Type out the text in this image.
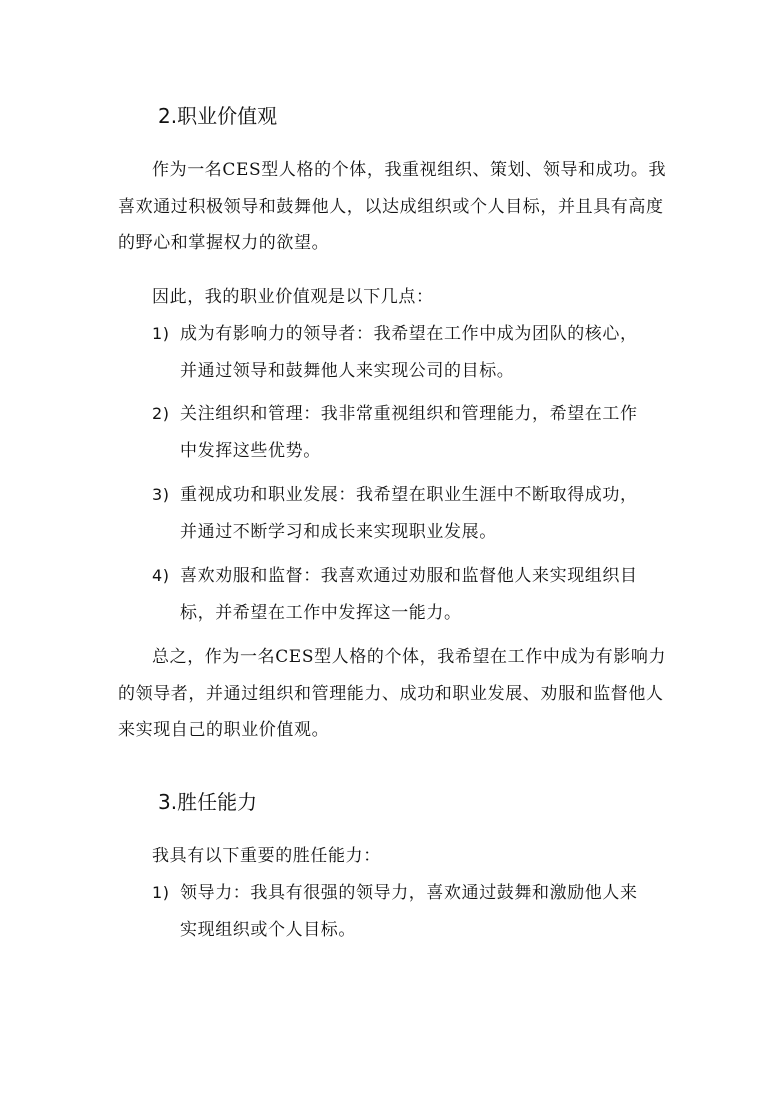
2.职业价值观

作为一名CES型人格的个体，我重视组织、策划、领导和成功。我喜欢通过积极领导和鼓舞他人，以达成组织或个人目标，并且具有高度的野心和掌握权力的欲望。

因此，我的职业价值观是以下几点：

1) 成为有影响力的领导者：我希望在工作中成为团队的核心，
并通过领导和鼓舞他人来实现公司的目标。
2) 关注组织和管理：我非常重视组织和管理能力，希望在工作
中发挥这些优势。
3) 重视成功和职业发展：我希望在职业生涯中不断取得成功，
并通过不断学习和成长来实现职业发展。
4) 喜欢劝服和监督：我喜欢通过劝服和监督他人来实现组织目
标，并希望在工作中发挥这一能力。

总之，作为一名CES型人格的个体，我希望在工作中成为有影响力的领导者，并通过组织和管理能力、成功和职业发展、劝服和监督他人来实现自己的职业价值观。

3.胜任能力

我具有以下重要的胜任能力：

1) 领导力：我具有很强的领导力，喜欢通过鼓舞和激励他人来
实现组织或个人目标。
